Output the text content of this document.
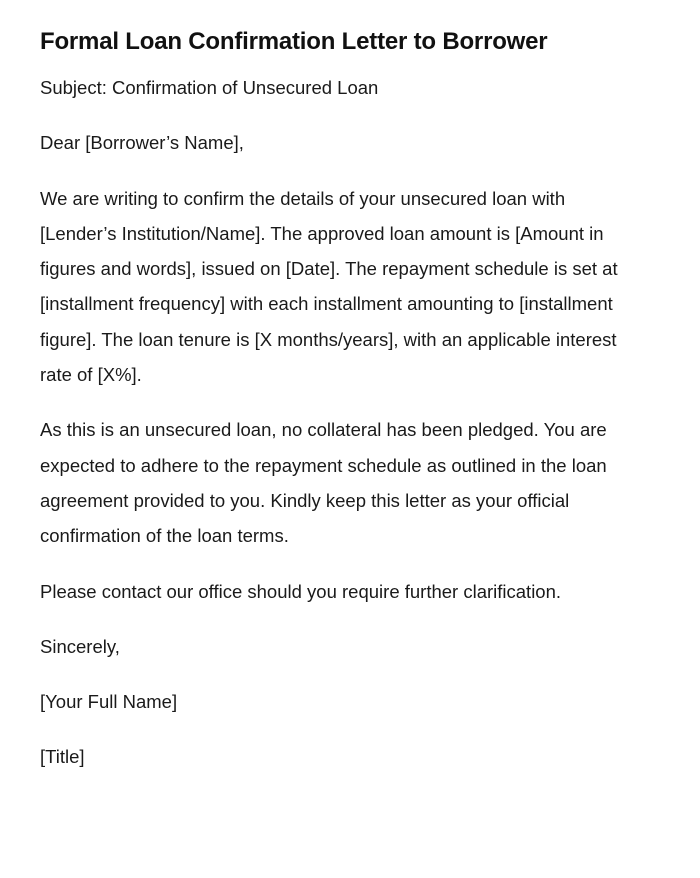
Formal Loan Confirmation Letter to Borrower

Subject: Confirmation of Unsecured Loan

Dear [Borrower’s Name],

We are writing to confirm the details of your unsecured loan with [Lender’s Institution/Name]. The approved loan amount is [Amount in figures and words], issued on [Date]. The repayment schedule is set at [installment frequency] with each installment amounting to [installment figure]. The loan tenure is [X months/years], with an applicable interest rate of [X%].

As this is an unsecured loan, no collateral has been pledged. You are expected to adhere to the repayment schedule as outlined in the loan agreement provided to you. Kindly keep this letter as your official confirmation of the loan terms.

Please contact our office should you require further clarification.

Sincerely,

[Your Full Name]

[Title]
